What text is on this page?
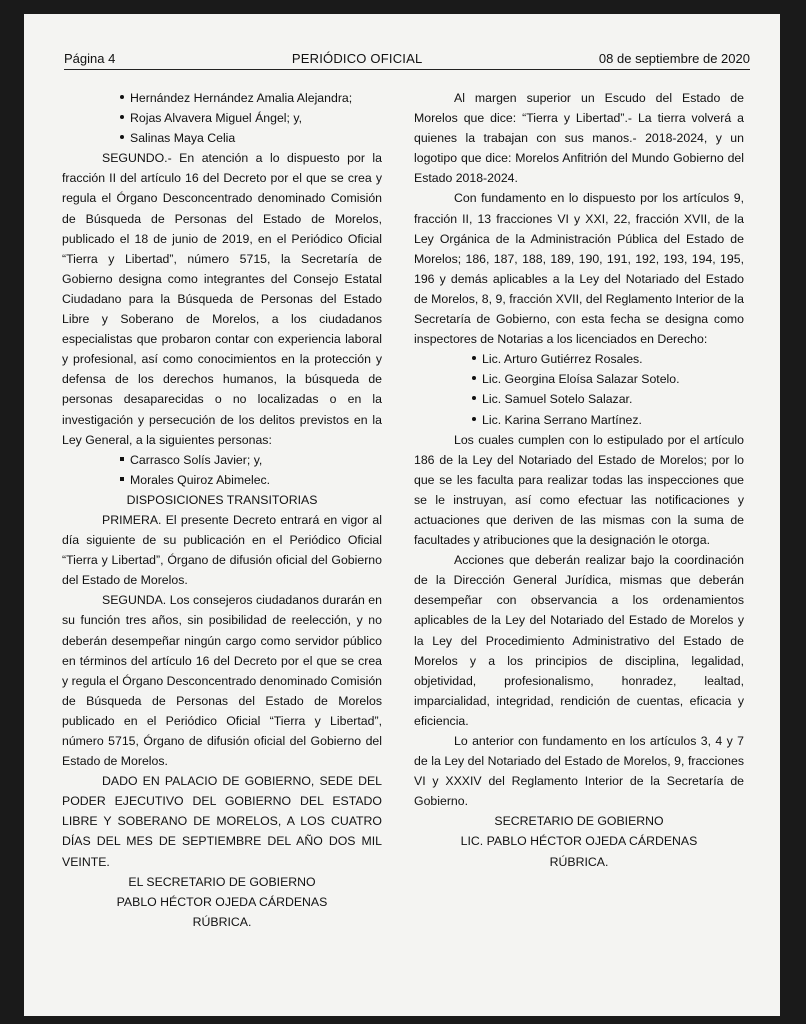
Página 4	PERIÓDICO OFICIAL	08 de septiembre de 2020
Hernández Hernández Amalia Alejandra;
Rojas Alvavera Miguel Ángel; y,
Salinas Maya Celia

SEGUNDO.- En atención a lo dispuesto por la fracción II del artículo 16 del Decreto por el que se crea y regula el Órgano Desconcentrado denominado Comisión de Búsqueda de Personas del Estado de Morelos, publicado el 18 de junio de 2019, en el Periódico Oficial “Tierra y Libertad”, número 5715, la Secretaría de Gobierno designa como integrantes del Consejo Estatal Ciudadano para la Búsqueda de Personas del Estado Libre y Soberano de Morelos, a los ciudadanos especialistas que probaron contar con experiencia laboral y profesional, así como conocimientos en la protección y defensa de los derechos humanos, la búsqueda de personas desaparecidas o no localizadas o en la investigación y persecución de los delitos previstos en la Ley General, a la siguientes personas:

Carrasco Solís Javier; y,
Morales Quiroz Abimelec.

DISPOSICIONES TRANSITORIAS

PRIMERA. El presente Decreto entrará en vigor al día siguiente de su publicación en el Periódico Oficial “Tierra y Libertad”, Órgano de difusión oficial del Gobierno del Estado de Morelos.

SEGUNDA. Los consejeros ciudadanos durarán en su función tres años, sin posibilidad de reelección, y no deberán desempeñar ningún cargo como servidor público en términos del artículo 16 del Decreto por el que se crea y regula el Órgano Desconcentrado denominado Comisión de Búsqueda de Personas del Estado de Morelos publicado en el Periódico Oficial “Tierra y Libertad”, número 5715, Órgano de difusión oficial del Gobierno del Estado de Morelos.

DADO EN PALACIO DE GOBIERNO, SEDE DEL PODER EJECUTIVO DEL GOBIERNO DEL ESTADO LIBRE Y SOBERANO DE MORELOS, A LOS CUATRO DÍAS DEL MES DE SEPTIEMBRE DEL AÑO DOS MIL VEINTE.

EL SECRETARIO DE GOBIERNO

PABLO HÉCTOR OJEDA CÁRDENAS

RÚBRICA.

Al margen superior un Escudo del Estado de Morelos que dice: “Tierra y Libertad”.- La tierra volverá a quienes la trabajan con sus manos.- 2018-2024, y un logotipo que dice: Morelos Anfitrión del Mundo Gobierno del Estado 2018-2024.

Con fundamento en lo dispuesto por los artículos 9, fracción II, 13 fracciones VI y XXI, 22, fracción XVII, de la Ley Orgánica de la Administración Pública del Estado de Morelos; 186, 187, 188, 189, 190, 191, 192, 193, 194, 195, 196 y demás aplicables a la Ley del Notariado del Estado de Morelos, 8, 9, fracción XVII, del Reglamento Interior de la Secretaría de Gobierno, con esta fecha se designa como inspectores de Notarias a los licenciados en Derecho:

Lic. Arturo Gutiérrez Rosales.
Lic. Georgina Eloísa Salazar Sotelo.
Lic. Samuel Sotelo Salazar.
Lic. Karina Serrano Martínez.

Los cuales cumplen con lo estipulado por el artículo 186 de la Ley del Notariado del Estado de Morelos; por lo que se les faculta para realizar todas las inspecciones que se le instruyan, así como efectuar las notificaciones y actuaciones que deriven de las mismas con la suma de facultades y atribuciones que la designación le otorga.

Acciones que deberán realizar bajo la coordinación de la Dirección General Jurídica, mismas que deberán desempeñar con observancia a los ordenamientos aplicables de la Ley del Notariado del Estado de Morelos y la Ley del Procedimiento Administrativo del Estado de Morelos y a los principios de disciplina, legalidad, objetividad, profesionalismo, honradez, lealtad, imparcialidad, integridad, rendición de cuentas, eficacia y eficiencia.

Lo anterior con fundamento en los artículos 3, 4 y 7 de la Ley del Notariado del Estado de Morelos, 9, fracciones VI y XXXIV del Reglamento Interior de la Secretaría de Gobierno.

SECRETARIO DE GOBIERNO

LIC. PABLO HÉCTOR OJEDA CÁRDENAS

RÚBRICA.
